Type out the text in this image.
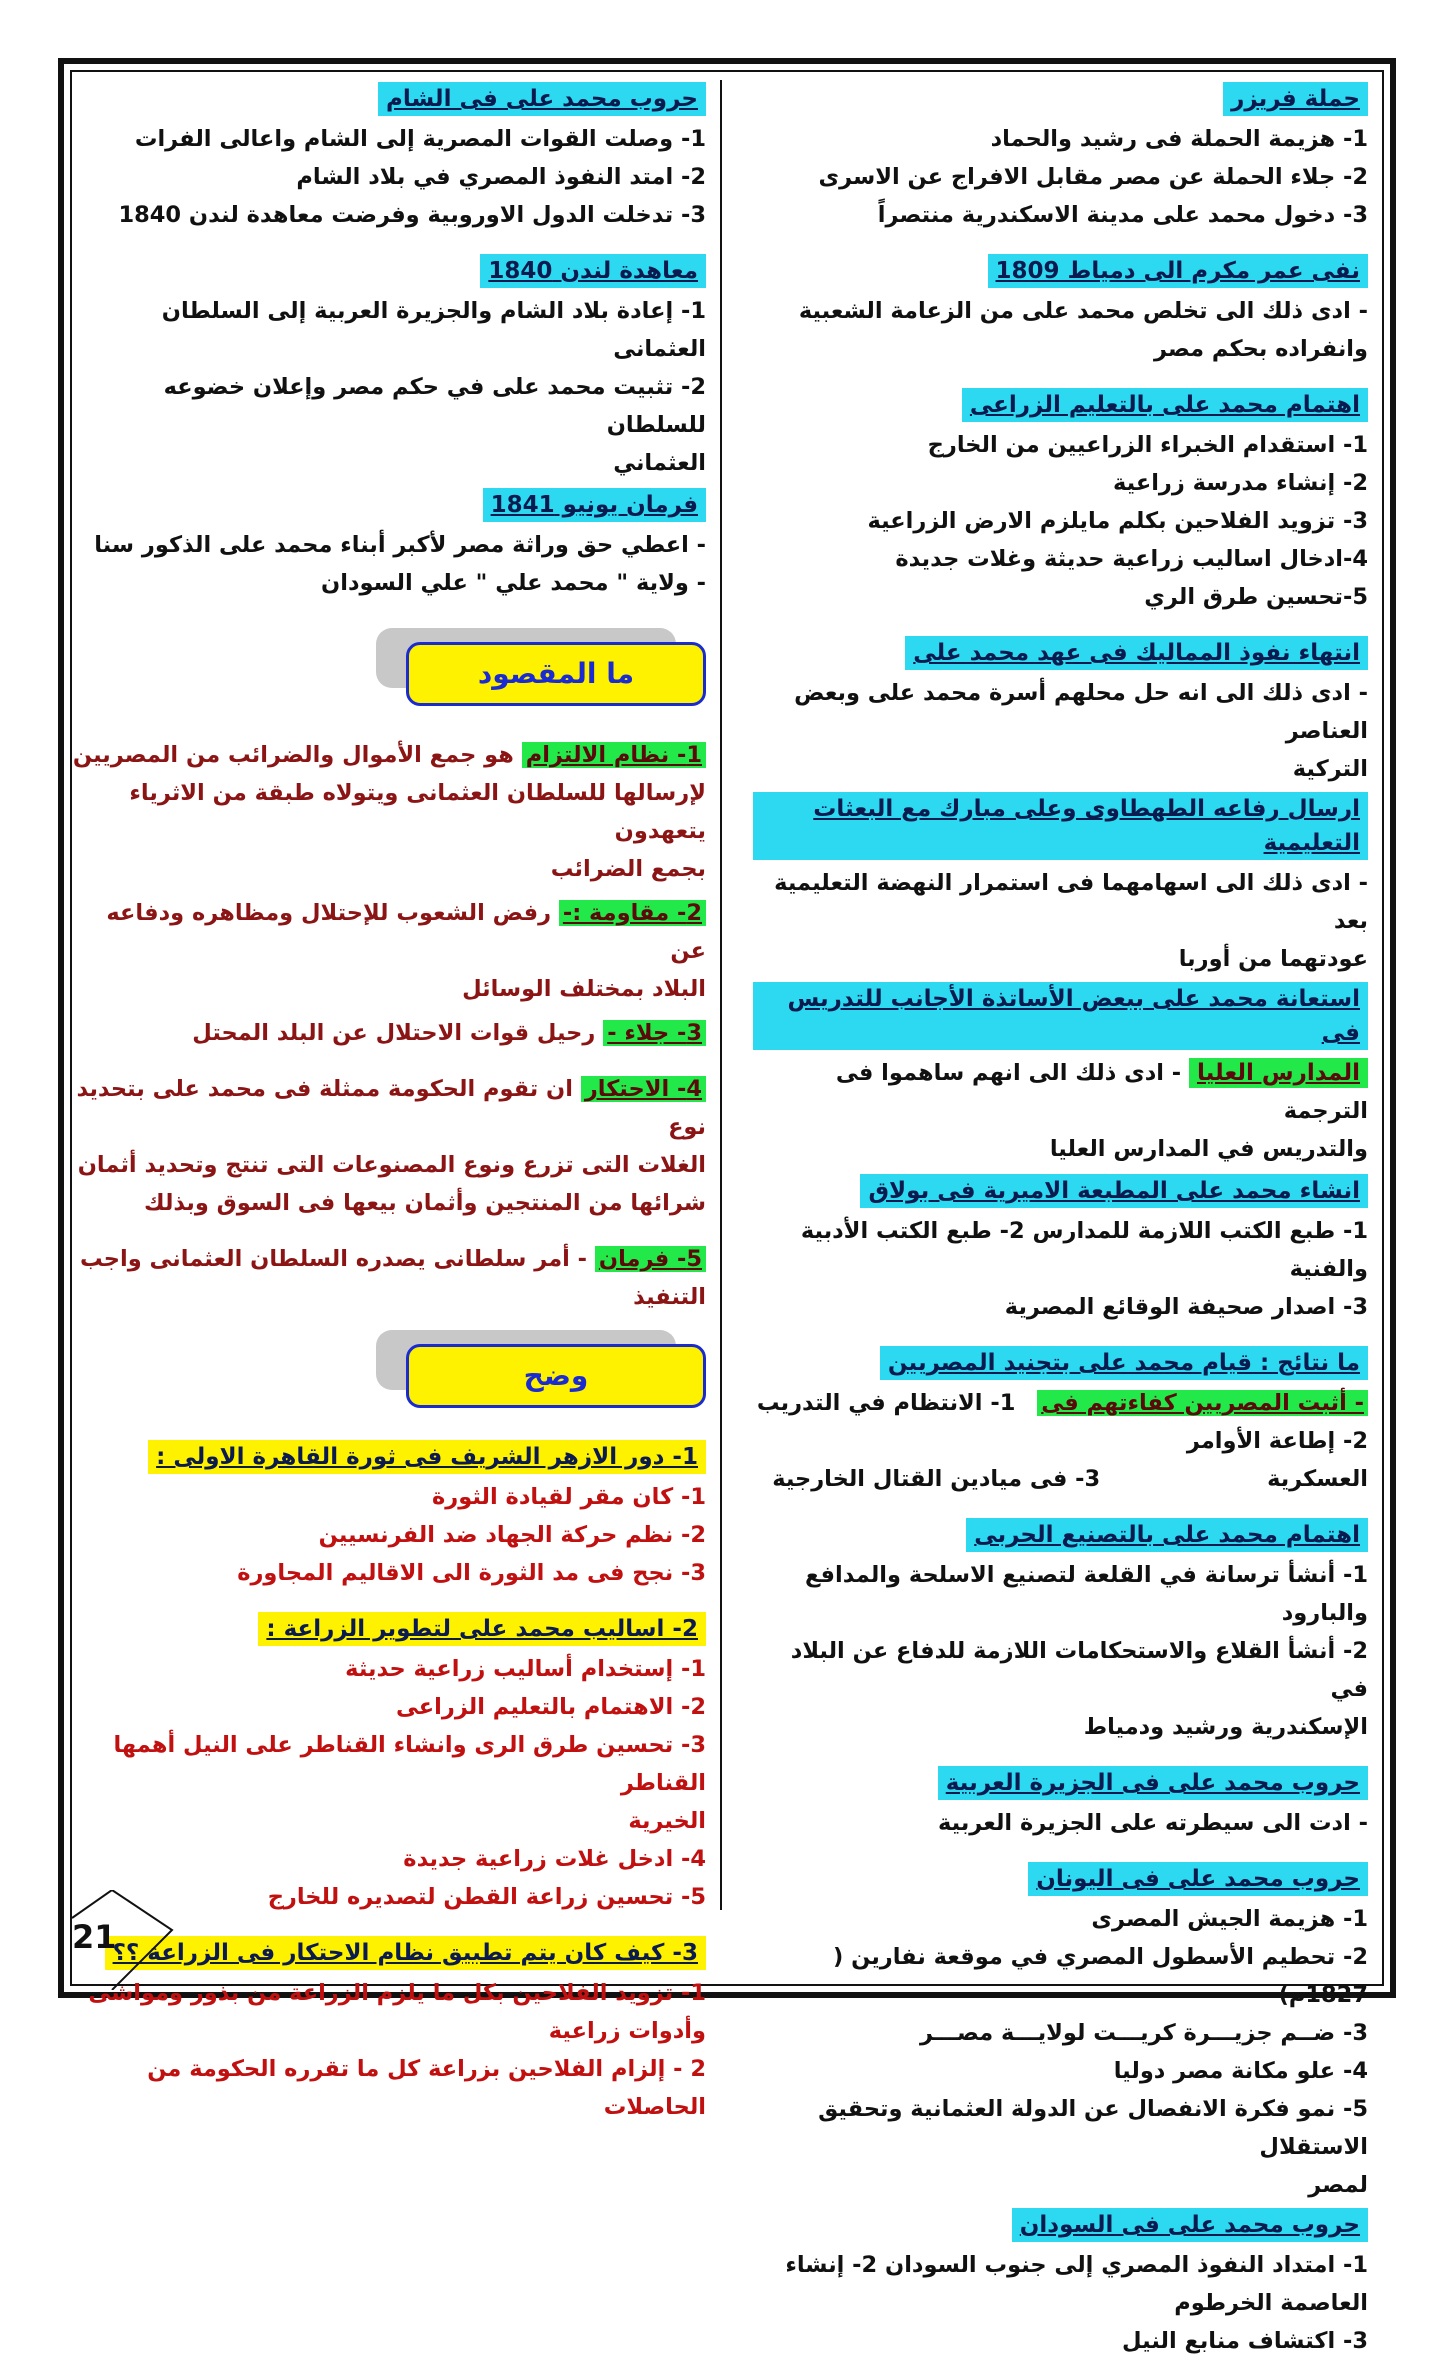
حملة فريزر

1- هزيمة الحملة فى رشيد والحماد

2- جلاء الحملة عن مصر مقابل الافراج عن الاسرى

3- دخول محمد على مدينة الاسكندرية منتصراً

نفى عمر مكرم الى دمياط 1809

- ادى ذلك الى تخلص محمد على من الزعامة الشعبية

وانفراده بحكم مصر

اهتمام محمد على بالتعليم الزراعى

1- استقدام الخبراء الزراعيين من الخارج

2- إنشاء مدرسة زراعية

3- تزويد الفلاحين بكلم مايلزم الارض الزراعية

4-ادخال اساليب زراعية حديثة وغلات جديدة

5-تحسين طرق الري

انتهاء نفوذ المماليك فى عهد محمد على

- ادى ذلك الى انه حل محلهم أسرة محمد على وبعض العناصر

التركية

ارسال رفاعه الطهطاوى وعلى مبارك مع البعثات التعليمية

- ادى ذلك الى اسهامهما فى استمرار النهضة التعليمية بعد

عودتهما من أوربا

استعانة محمد على ببعض الأساتذة الأجانب للتدريس فى

المدارس العليا - ادى ذلك الى انهم ساهموا فى الترجمة

والتدريس في المدارس العليا

انشاء محمد على المطبعة الاميرية فى بولاق

1- طبع الكتب اللازمة للمدارس 2- طبع الكتب الأدبية والفنية

3- اصدار صحيفة الوقائع المصرية

ما نتائج : قيام محمد على بتجنيد المصريين

- أثبت المصريين كفاءتهم فى 1- الانتظام في التدريب

2- إطاعة الأوامر العسكرية 3- فى ميادين القتال الخارجية

اهتمام محمد على بالتصنيع الحربى

1- أنشأ ترسانة في القلعة لتصنيع الاسلحة والمدافع والبارود

2- أنشأ القلاع والاستحكامات اللازمة للدفاع عن البلاد في

الإسكندرية ورشيد ودمياط

حروب محمد على فى الجزيرة العربية

- ادت الى سيطرته على الجزيرة العربية

حروب محمد على فى اليونان

1- هزيمة الجيش المصرى

2- تحطيم الأسطول المصري في موقعة نفارين ( 1827م)

3- ضــم جزيـــرة كريـــت لولايـــة مصـــر

4- علو مكانة مصر دوليا

5- نمو فكرة الانفصال عن الدولة العثمانية وتحقيق الاستقلال

لمصر

حروب محمد على فى السودان

1- امتداد النفوذ المصري إلى جنوب السودان 2- إنشاء

العاصمة الخرطوم

3- اكتشاف منابع النيل

حروب محمد على فى الشام

1- وصلت القوات المصرية إلى الشام واعالى الفرات

2- امتد النفوذ المصري في بلاد الشام

3- تدخلت الدول الاوروبية وفرضت معاهدة لندن 1840

معاهدة لندن 1840

1- إعادة بلاد الشام والجزيرة العربية إلى السلطان العثمانى

2- تثبيت محمد على في حكم مصر وإعلان خضوعه للسلطان

العثماني

فرمان يونيو 1841

- اعطي حق وراثة مصر لأكبر أبناء محمد على الذكور سنا

- ولاية " محمد علي " علي السودان

ما المقصود

1- نظام الالتزام هو جمع الأموال والضرائب من المصريين

لإرسالها للسلطان العثمانى ويتولاه طبقة من الاثرياء يتعهدون

بجمع الضرائب

2- مقاومة :- رفض الشعوب للإحتلال ومظاهره ودفاعه عن

البلاد بمختلف الوسائل

3- جلاء - رحيل قوات الاحتلال عن البلد المحتل

4- الاحتكار ان تقوم الحكومة ممثلة فى محمد على بتحديد نوع

الغلات التى تزرع ونوع المصنوعات التى تنتج وتحديد أثمان

شرائها من المنتجين وأثمان بيعها فى السوق وبذلك

5- فرمان - أمر سلطانى يصدره السلطان العثمانى واجب

التنفيذ

وضح
1- دور الازهر الشريف فى ثورة القاهرة الاولى :

1- كان مقر لقيادة الثورة

2- نظم حركة الجهاد ضد الفرنسيين

3- نجح فى مد الثورة الى الاقاليم المجاورة

2- اساليب محمد على لتطوير الزراعة :

1- إستخدام أساليب زراعية حديثة

2- الاهتمام بالتعليم الزراعى

3- تحسين طرق الرى وانشاء القناطر على النيل أهمها القناطر

الخيرية

4- ادخل غلات زراعية جديدة

5- تحسين زراعة القطن لتصديره للخارج

3- كيف كان يتم تطبيق نظام الاحتكار فى الزراعة ؟؟

1- تزويد الفلاحين بكل ما يلزم الزراعة من بذور ومواشى

وأدوات زراعية

2 - إلزام الفلاحين بزراعة كل ما تقرره الحكومة من الحاصلات

21
